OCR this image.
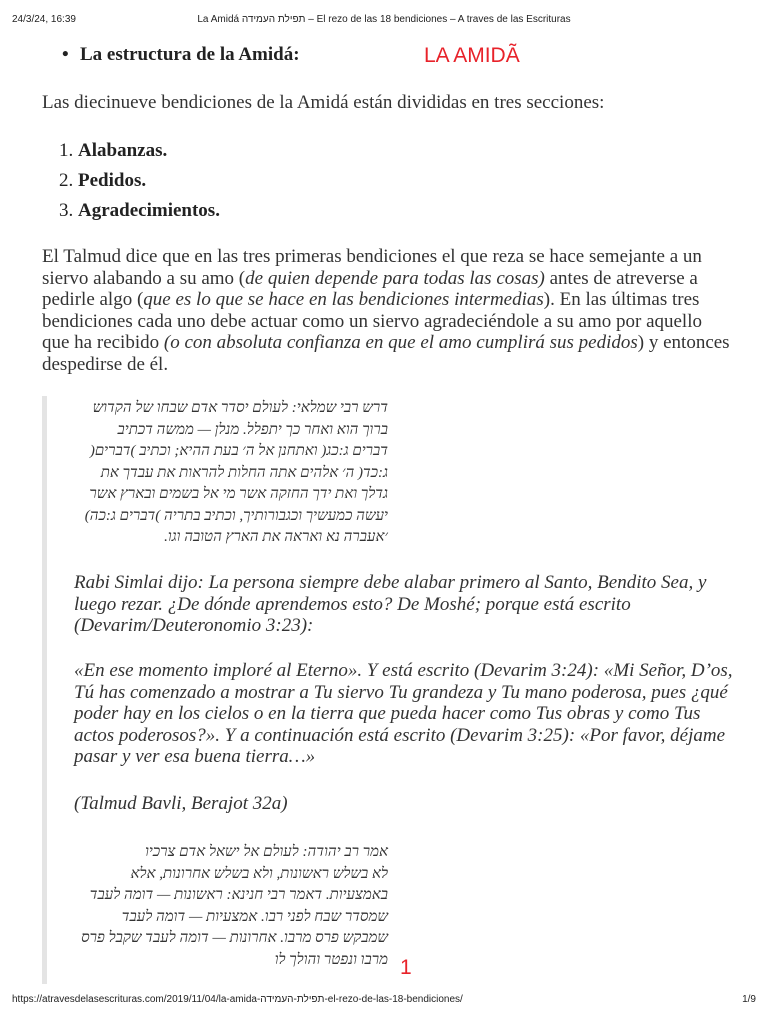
24/3/24, 16:39	La Amidá תפילת העמידה – El rezo de las 18 bendiciones – A traves de las Escrituras
LA AMIDÃ
• La estructura de la Amidá:
Las diecinueve bendiciones de la Amidá están divididas en tres secciones:
1. Alabanzas.
2. Pedidos.
3. Agradecimientos.
El Talmud dice que en las tres primeras bendiciones el que reza se hace semejante a un siervo alabando a su amo (de quien depende para todas las cosas) antes de atreverse a pedirle algo (que es lo que se hace en las bendiciones intermedias). En las últimas tres bendiciones cada uno debe actuar como un siervo agradeciéndole a su amo por aquello que ha recibido (o con absoluta confianza en que el amo cumplirá sus pedidos) y entonces despedirse de él.
דרש רבי שמלאי: לעולם יסדר אדם שבחו של הקדוש
ברוך הוא ואחר כך יתפלל. מנלן — ממשה דכתיב
דברים ג:כג( ואתחנן אל ה׳ בעת ההיא; וכתיב )דברים(
ג:כד( ה׳ אלהים אתה החלות להראות את עבדך את
גדלך ואת ידך החזקה אשר מי אל בשמים ובארץ אשר
יעשה כמעשיך וכגבורותיך, וכתיב בתריה )דברים ג:כה)
׳אעברה נא ואראה את הארץ הטובה וגו.
Rabi Simlai dijo: La persona siempre debe alabar primero al Santo, Bendito Sea, y luego rezar. ¿De dónde aprendemos esto? De Moshé; porque está escrito (Devarim/Deuteronomio 3:23):
«En ese momento imploré al Eterno». Y está escrito (Devarim 3:24): «Mi Señor, D’os, Tú has comenzado a mostrar a Tu siervo Tu grandeza y Tu mano poderosa, pues ¿qué poder hay en los cielos o en la tierra que pueda hacer como Tus obras y como Tus actos poderosos?». Y a continuación está escrito (Devarim 3:25): «Por favor, déjame pasar y ver esa buena tierra…»
(Talmud Bavli, Berajot 32a)
אמר רב יהודה: לעולם אל ישאל אדם צרכיו
לא בשלש ראשונות, ולא בשלש אחרונות, אלא
באמצעיות. דאמר רבי חנינא: ראשונות — דומה לעבד
שמסדר שבח לפני רבו. אמצעיות — דומה לעבד
שמבקש פרס מרבו. אחרונות — דומה לעבד שקבל פרס
מרבו ונפטר והולך לו 1
https://atravesdelasescrituras.com/2019/11/04/la-amida-תפילת-העמידה-el-rezo-de-las-18-bendiciones/	1/9
